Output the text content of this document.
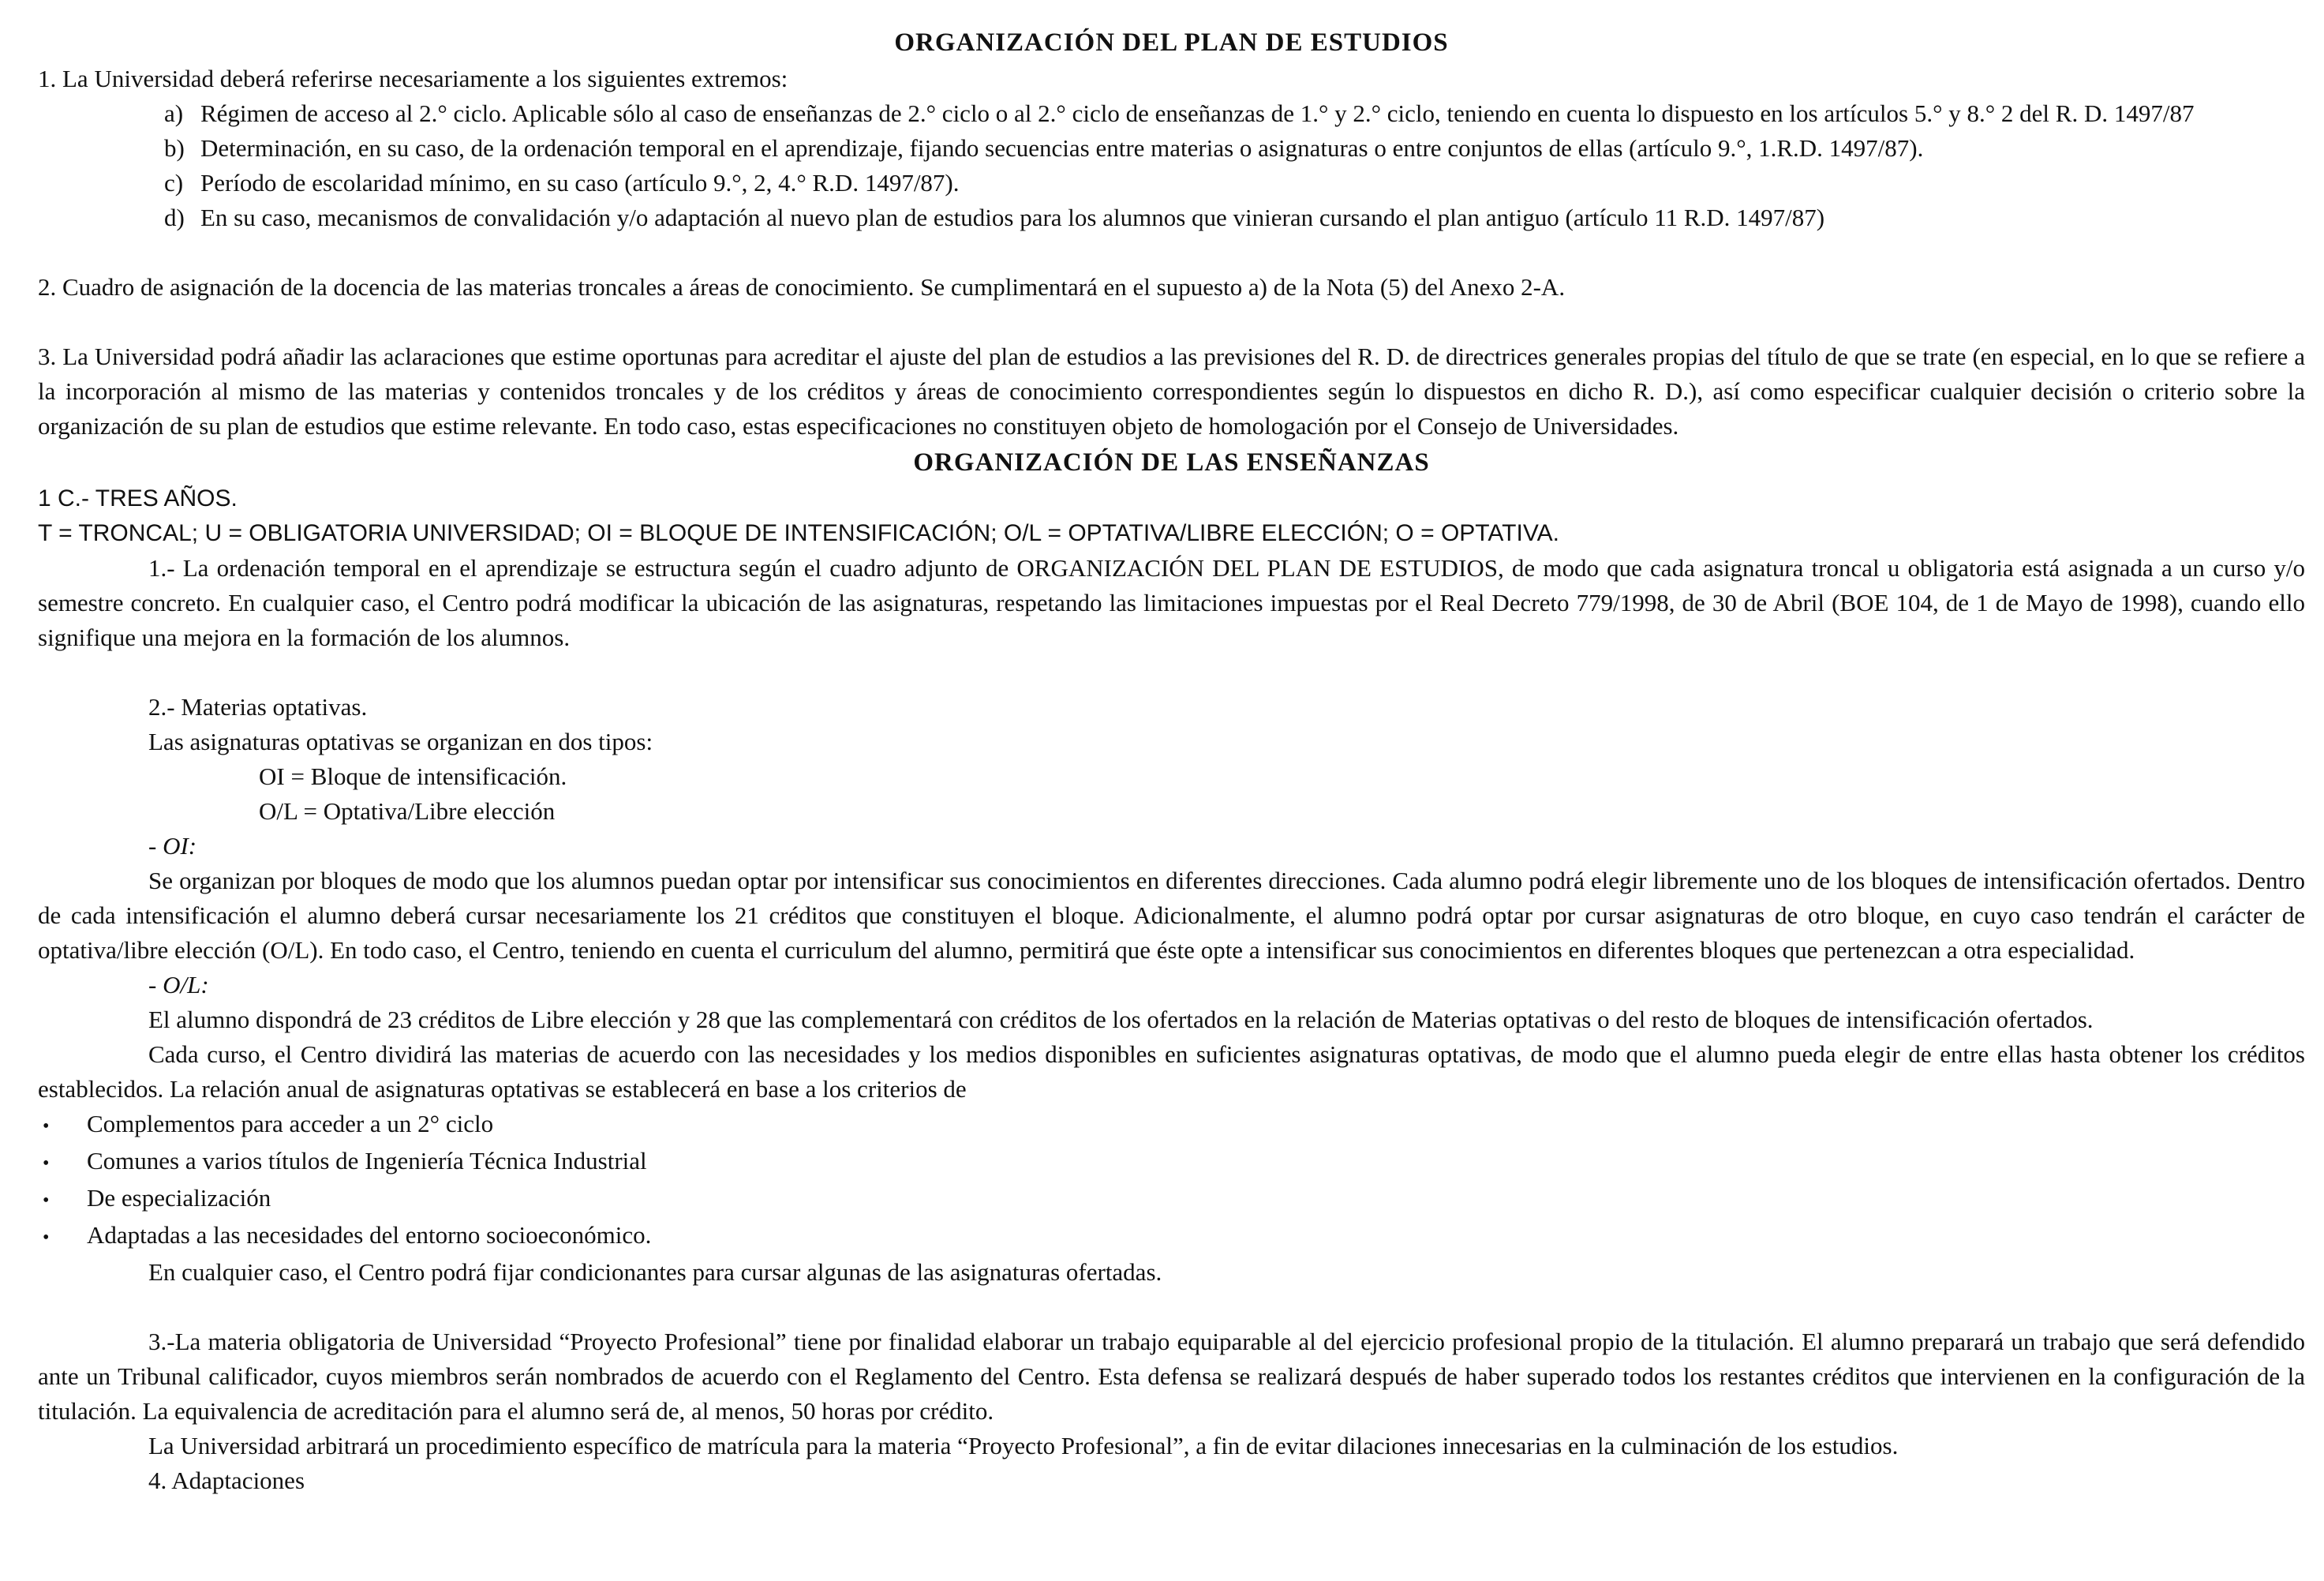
ORGANIZACIÓN DEL PLAN DE ESTUDIOS

1. La Universidad deberá referirse necesariamente a los siguientes extremos:

a) Régimen de acceso al 2.° ciclo. Aplicable sólo al caso de enseñanzas de 2.° ciclo o al 2.° ciclo de enseñanzas de 1.° y 2.° ciclo, teniendo en cuenta lo dispuesto en los artículos 5.° y 8.° 2 del R. D. 1497/87
b) Determinación, en su caso, de la ordenación temporal en el aprendizaje, fijando secuencias entre materias o asignaturas o entre conjuntos de ellas (artículo 9.°, 1.R.D. 1497/87).
c) Período de escolaridad mínimo, en su caso (artículo 9.°, 2, 4.° R.D. 1497/87).
d) En su caso, mecanismos de convalidación y/o adaptación al nuevo plan de estudios para los alumnos que vinieran cursando el plan antiguo (artículo 11 R.D. 1497/87)

2. Cuadro de asignación de la docencia de las materias troncales a áreas de conocimiento. Se cumplimentará en el supuesto a) de la Nota (5) del Anexo 2-A.

3. La Universidad podrá añadir las aclaraciones que estime oportunas para acreditar el ajuste del plan de estudios a las previsiones del R. D. de directrices generales propias del título de que se trate (en especial, en lo que se refiere a la incorporación al mismo de las materias y contenidos troncales y de los créditos y áreas de conocimiento correspondientes según lo dispuestos en dicho R. D.), así como especificar cualquier decisión o criterio sobre la organización de su plan de estudios que estime relevante. En todo caso, estas especificaciones no constituyen objeto de homologación por el Consejo de Universidades.

ORGANIZACIÓN DE LAS ENSEÑANZAS

1 C.- TRES AÑOS.

T = TRONCAL; U = OBLIGATORIA UNIVERSIDAD; OI = BLOQUE DE INTENSIFICACIÓN; O/L = OPTATIVA/LIBRE ELECCIÓN; O = OPTATIVA.

1.- La ordenación temporal en el aprendizaje se estructura según el cuadro adjunto de ORGANIZACIÓN DEL PLAN DE ESTUDIOS, de modo que cada asignatura troncal u obligatoria está asignada a un curso y/o semestre concreto. En cualquier caso, el Centro podrá modificar la ubicación de las asignaturas, respetando las limitaciones impuestas por el Real Decreto 779/1998, de 30 de Abril (BOE 104, de 1 de Mayo de 1998), cuando ello signifique una mejora en la formación de los alumnos.

2.- Materias optativas.

Las asignaturas optativas se organizan en dos tipos:

OI = Bloque de intensificación.

O/L = Optativa/Libre elección

- OI:

Se organizan por bloques de modo que los alumnos puedan optar por intensificar sus conocimientos en diferentes direcciones. Cada alumno podrá elegir libremente uno de los bloques de intensificación ofertados. Dentro de cada intensificación el alumno deberá cursar necesariamente los 21 créditos que constituyen el bloque. Adicionalmente, el alumno podrá optar por cursar asignaturas de otro bloque, en cuyo caso tendrán el carácter de optativa/libre elección (O/L). En todo caso, el Centro, teniendo en cuenta el curriculum del alumno, permitirá que éste opte a intensificar sus conocimientos en diferentes bloques que pertenezcan a otra especialidad.

- O/L:

El alumno dispondrá de 23 créditos de Libre elección y 28 que las complementará con créditos de los ofertados en la relación de Materias optativas o del resto de bloques de intensificación ofertados.

Cada curso, el Centro dividirá las materias de acuerdo con las necesidades y los medios disponibles en suficientes asignaturas optativas, de modo que el alumno pueda elegir de entre ellas hasta obtener los créditos establecidos. La relación anual de asignaturas optativas se establecerá en base a los criterios de

•	Complementos para acceder a un 2° ciclo
•	Comunes a varios títulos de Ingeniería Técnica Industrial
•	De especialización
•	Adaptadas a las necesidades del entorno socioeconómico.

En cualquier caso, el Centro podrá fijar condicionantes para cursar algunas de las asignaturas ofertadas.

3.-La materia obligatoria de Universidad “Proyecto Profesional” tiene por finalidad elaborar un trabajo equiparable al del ejercicio profesional propio de la titulación. El alumno preparará un trabajo que será defendido ante un Tribunal calificador, cuyos miembros serán nombrados de acuerdo con el Reglamento del Centro. Esta defensa se realizará después de haber superado todos los restantes créditos que intervienen en la configuración de la titulación. La equivalencia de acreditación para el alumno será de, al menos, 50 horas por crédito.

La Universidad arbitrará un procedimiento específico de matrícula para la materia “Proyecto Profesional”, a fin de evitar dilaciones innecesarias en la culminación de los estudios.

4. Adaptaciones
